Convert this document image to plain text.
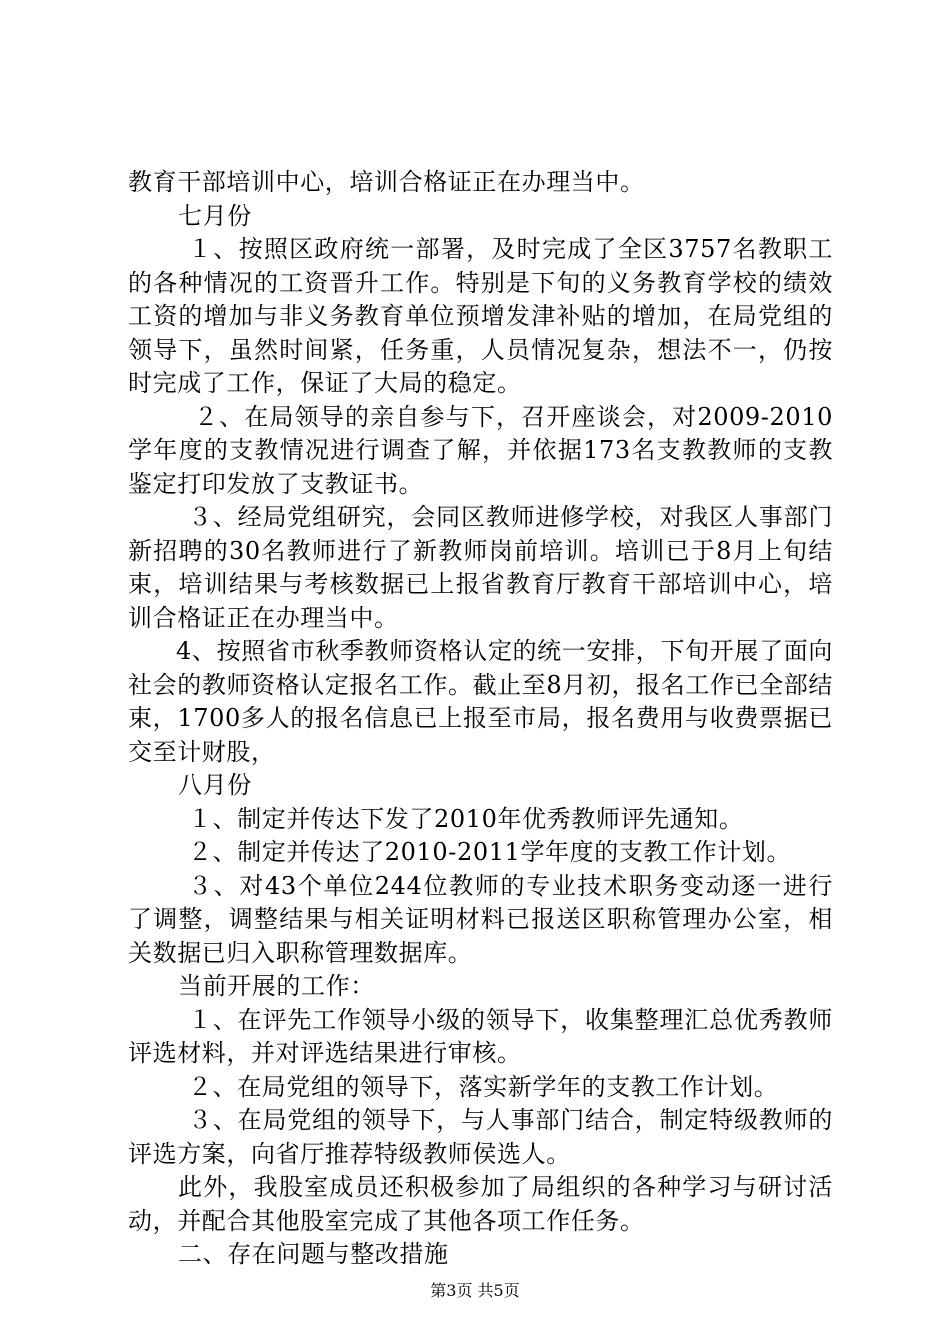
教育干部培训中心，培训合格证正在办理当中。

七月份

１、按照区政府统一部署，及时完成了全区3757名教职工的各种情况的工资晋升工作。特别是下旬的义务教育学校的绩效工资的增加与非义务教育单位预增发津补贴的增加，在局党组的领导下，虽然时间紧，任务重，人员情况复杂，想法不一，仍按时完成了工作，保证了大局的稳定。

２、在局领导的亲自参与下，召开座谈会，对2009-2010学年度的支教情况进行调查了解，并依据173名支教教师的支教鉴定打印发放了支教证书。

３、经局党组研究，会同区教师进修学校，对我区人事部门新招聘的30名教师进行了新教师岗前培训。培训已于8月上旬结束，培训结果与考核数据已上报省教育厅教育干部培训中心，培训合格证正在办理当中。

4、按照省市秋季教师资格认定的统一安排，下旬开展了面向社会的教师资格认定报名工作。截止至8月初，报名工作已全部结束，1700多人的报名信息已上报至市局，报名费用与收费票据已交至计财股，

八月份

１、制定并传达下发了2010年优秀教师评先通知。

２、制定并传达了2010-2011学年度的支教工作计划。

３、对43个单位244位教师的专业技术职务变动逐一进行了调整，调整结果与相关证明材料已报送区职称管理办公室，相关数据已归入职称管理数据库。

当前开展的工作：

１、在评先工作领导小级的领导下，收集整理汇总优秀教师评选材料，并对评选结果进行审核。

２、在局党组的领导下，落实新学年的支教工作计划。

３、在局党组的领导下，与人事部门结合，制定特级教师的评选方案，向省厅推荐特级教师侯选人。

此外，我股室成员还积极参加了局组织的各种学习与研讨活动，并配合其他股室完成了其他各项工作任务。

二、存在问题与整改措施

第3页 共5页
